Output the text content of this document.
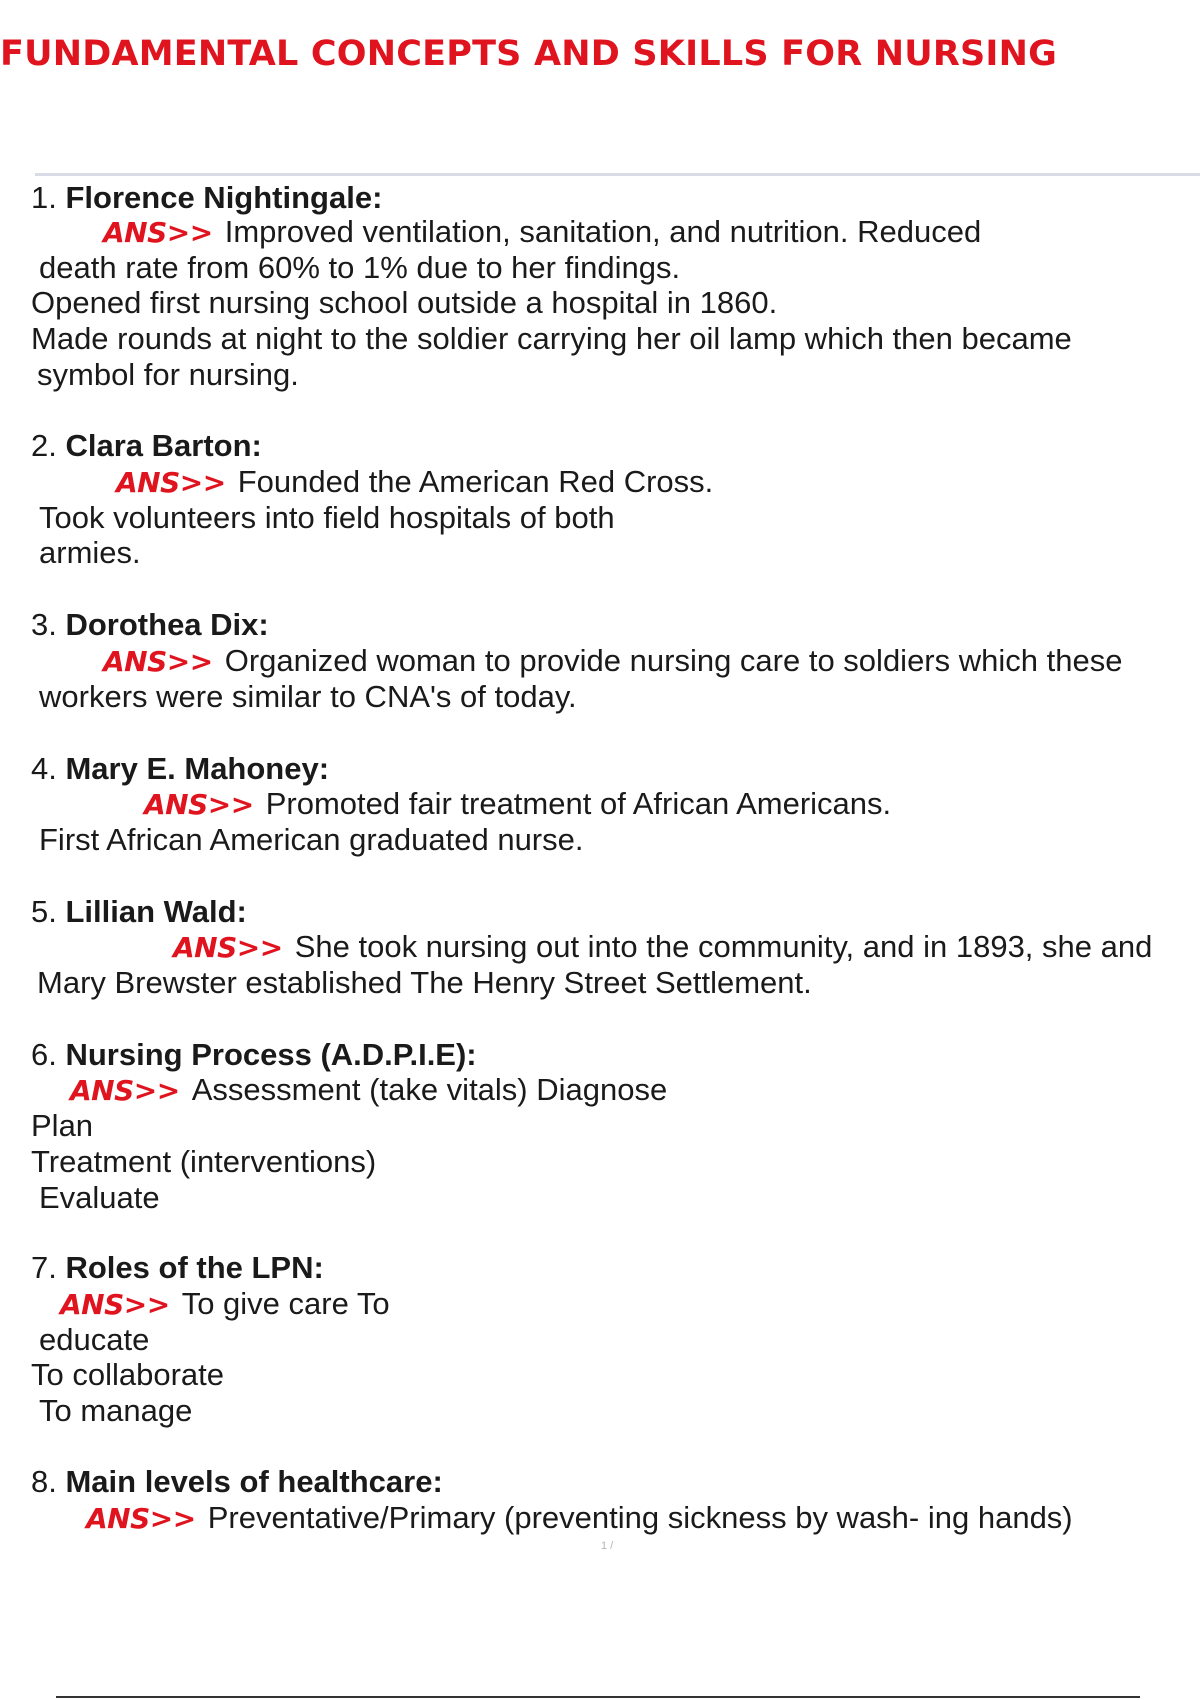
FUNDAMENTAL CONCEPTS AND SKILLS FOR NURSING
1. Florence Nightingale:
ANS>> Improved ventilation, sanitation, and nutrition. Reduced
death rate from 60% to 1% due to her findings.
Opened first nursing school outside a hospital in 1860.
Made rounds at night to the soldier carrying her oil lamp which then became
symbol for nursing.
2. Clara Barton:
ANS>> Founded the American Red Cross.
Took volunteers into field hospitals of both
armies.
3. Dorothea Dix:
ANS>> Organized woman to provide nursing care to soldiers which these
workers were similar to CNA's of today.
4. Mary E. Mahoney:
ANS>> Promoted fair treatment of African Americans.
First African American graduated nurse.
5. Lillian Wald:
ANS>> She took nursing out into the community, and in 1893, she and
Mary Brewster established The Henry Street Settlement.
6. Nursing Process (A.D.P.I.E):
ANS>> Assessment (take vitals) Diagnose
Plan
Treatment (interventions)
Evaluate
7. Roles of the LPN:
ANS>> To give care To
educate
To collaborate
To manage
8. Main levels of healthcare:
ANS>> Preventative/Primary (preventing sickness by wash- ing hands)
1 /
